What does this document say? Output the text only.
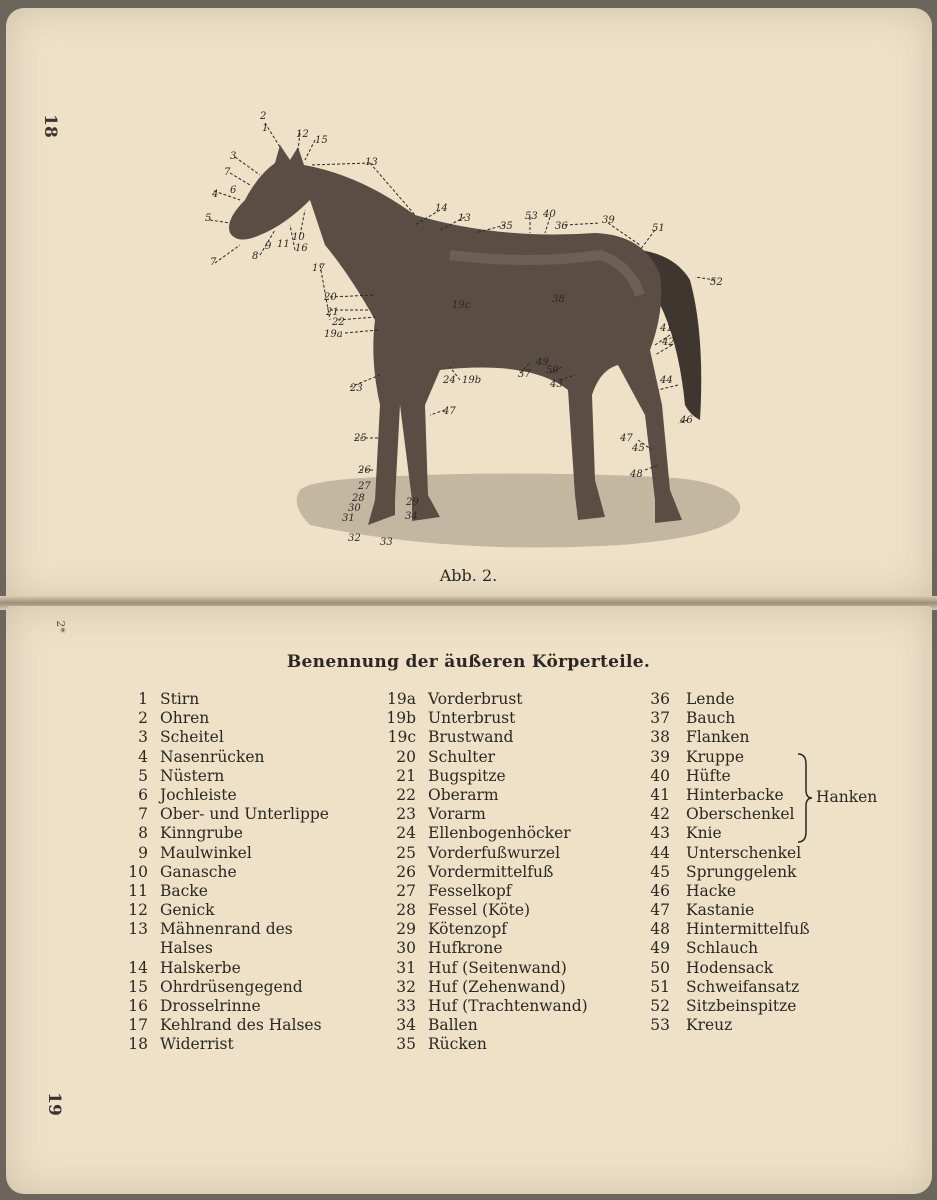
18	2
1
12
15
13
3
7
6
4
5
7
8
9 11
10
16
14
13
35
53 40
36
39
51
52
17
20
21
22
19a
19c
38
23
47
25
26
27
28
30
31
32 33
29
34
24 19b
37
49
50
43
41
42
44
46
47
45
48
Abb. 2.
2*
Benennung der äußeren Körperteile.
1 Stirn
2 Ohren
3 Scheitel
4 Nasenrücken
5 Nüstern
6 Jochleiste
7 Ober- und Unterlippe
8 Kinngrube
9 Maulwinkel
10 Ganasche
11 Backe
12 Genick
13 Mähnenrand des
Halses
14 Halskerbe
15 Ohrdrüsengegend
16 Drosselrinne
17 Kehlrand des Halses
18 Widerrist
19a Vorderbrust
19b Unterbrust
19c Brustwand
20 Schulter
21 Bugspitze
22 Oberarm
23 Vorarm
24 Ellenbogenhöcker
25 Vorderfußwurzel
26 Vordermittelfuß
27 Fesselkopf
28 Fessel (Köte)
29 Kötenzopf
30 Hufkrone
31 Huf (Seitenwand)
32 Huf (Zehenwand)
33 Huf (Trachtenwand)
34 Ballen
35 Rücken
36 Lende
37 Bauch
38 Flanken
39 Kruppe
40 Hüfte
41 Hinterbacke
42 Oberschenkel
43 Knie
44 Unterschenkel
45 Sprunggelenk
46 Hacke
47 Kastanie
48 Hintermittelfuß
49 Schlauch
50 Hodensack
51 Schweifansatz
52 Sitzbeinspitze
53 Kreuz
Hanken
19
